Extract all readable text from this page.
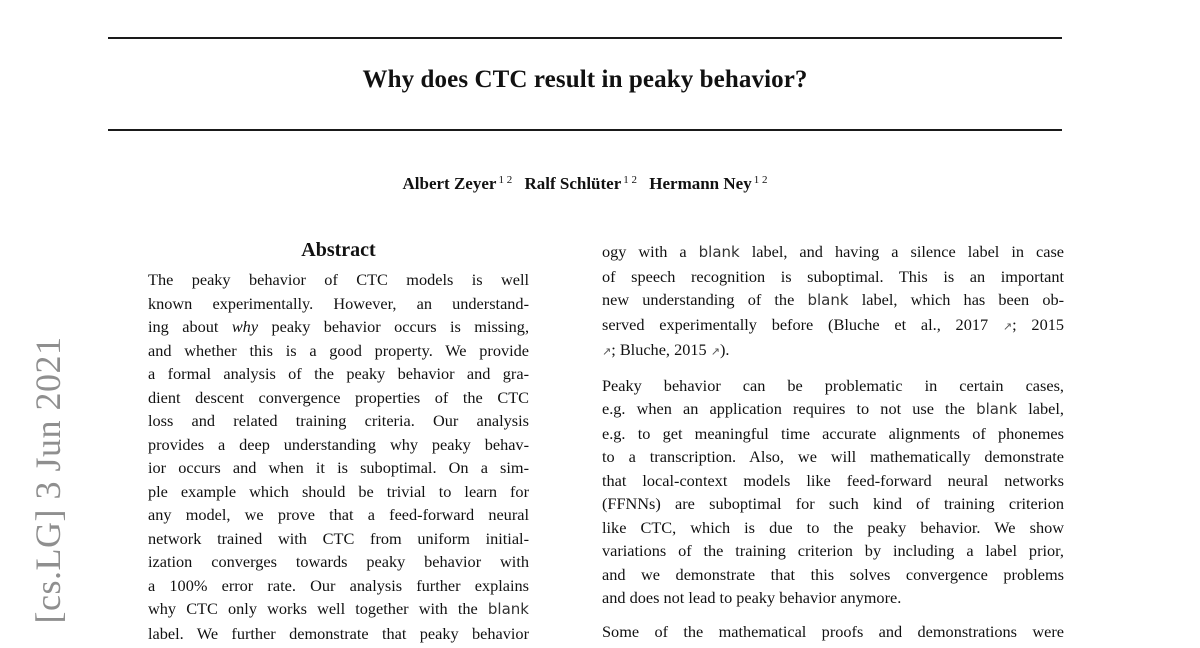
Why does CTC result in peaky behavior?
Albert Zeyer $^{1 2}$ Ralf Schlüter $^{1 2}$ Hermann Ney $^{1 2}$
[cs.LG] 3 Jun 2021
Abstract
The peaky behavior of CTC models is well
known experimentally. However, an understand-
ing about why peaky behavior occurs is missing,
and whether this is a good property. We provide
a formal analysis of the peaky behavior and gra-
dient descent convergence properties of the CTC
loss and related training criteria. Our analysis
provides a deep understanding why peaky behav-
ior occurs and when it is suboptimal. On a sim-
ple example which should be trivial to learn for
any model, we prove that a feed-forward neural
network trained with CTC from uniform initial-
ization converges towards peaky behavior with
a 100% error rate. Our analysis further explains
why CTC only works well together with the blank
label. We further demonstrate that peaky behavior
ogy with a blank label, and having a silence label in case
of speech recognition is suboptimal. This is an important
new understanding of the blank label, which has been ob-
served experimentally before (Bluche et al., 2017 ↗; 2015
↗; Bluche, 2015 ↗).
Peaky behavior can be problematic in certain cases,
e.g. when an application requires to not use the blank label,
e.g. to get meaningful time accurate alignments of phonemes
to a transcription. Also, we will mathematically demonstrate
that local-context models like feed-forward neural networks
(FFNNs) are suboptimal for such kind of training criterion
like CTC, which is due to the peaky behavior. We show
variations of the training criterion by including a label prior,
and we demonstrate that this solves convergence problems
and does not lead to peaky behavior anymore.
Some of the mathematical proofs and demonstrations were
